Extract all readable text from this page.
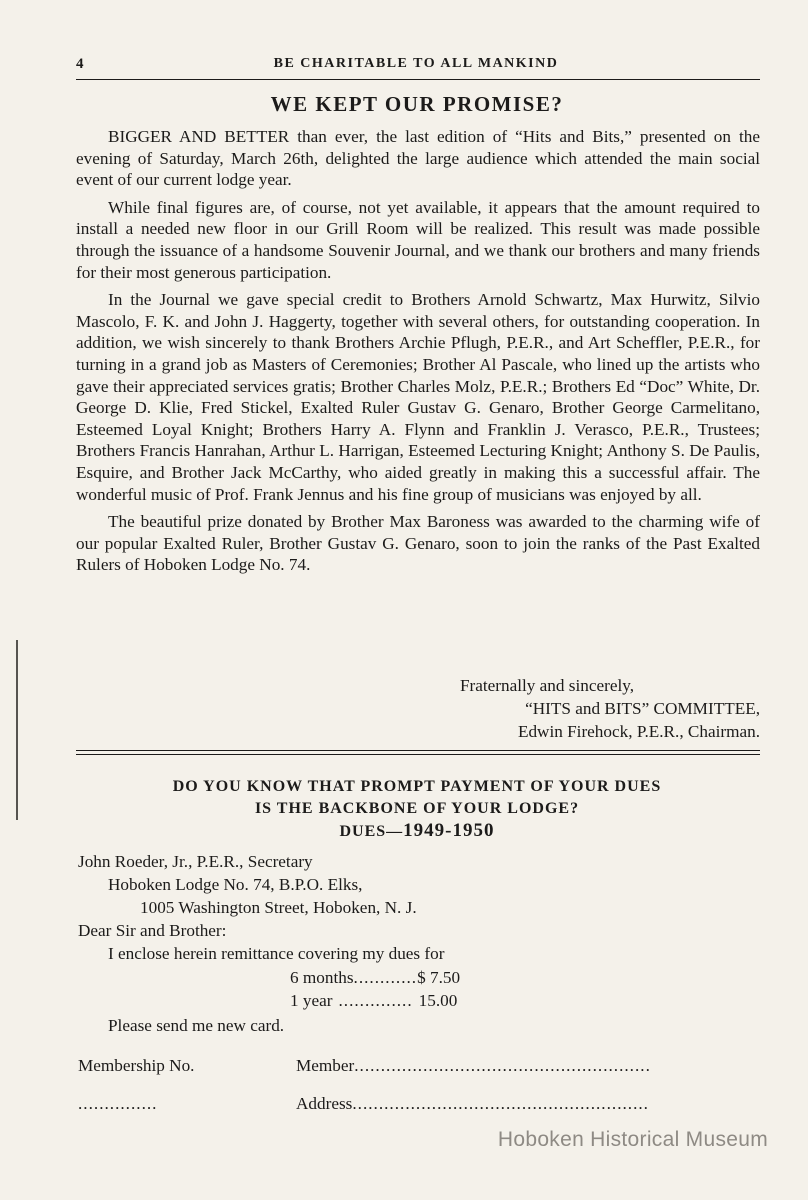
4	BE CHARITABLE TO ALL MANKIND
WE KEPT OUR PROMISE?

BIGGER AND BETTER than ever, the last edition of “Hits and Bits,” presented on the evening of Saturday, March 26th, delighted the large audience which attended the main social event of our current lodge year.

While final figures are, of course, not yet available, it appears that the amount required to install a needed new floor in our Grill Room will be realized. This result was made possible through the issuance of a handsome Souvenir Journal, and we thank our brothers and many friends for their most generous participation.

In the Journal we gave special credit to Brothers Arnold Schwartz, Max Hurwitz, Silvio Mascolo, F. K. and John J. Haggerty, together with several others, for outstanding cooperation. In addition, we wish sincerely to thank Brothers Archie Pflugh, P.E.R., and Art Scheffler, P.E.R., for turning in a grand job as Masters of Ceremonies; Brother Al Pascale, who lined up the artists who gave their appreciated services gratis; Brother Charles Molz, P.E.R.; Brothers Ed “Doc” White, Dr. George D. Klie, Fred Stickel, Exalted Ruler Gustav G. Genaro, Brother George Carmelitano, Esteemed Loyal Knight; Brothers Harry A. Flynn and Franklin J. Verasco, P.E.R., Trustees; Brothers Francis Hanrahan, Arthur L. Harrigan, Esteemed Lecturing Knight; Anthony S. De Paulis, Esquire, and Brother Jack McCarthy, who aided greatly in making this a successful affair. The wonderful music of Prof. Frank Jennus and his fine group of musicians was enjoyed by all.

The beautiful prize donated by Brother Max Baroness was awarded to the charming wife of our popular Exalted Ruler, Brother Gustav G. Genaro, soon to join the ranks of the Past Exalted Rulers of Hoboken Lodge No. 74.

Fraternally and sincerely,
“HITS and BITS” COMMITTEE,
Edwin Firehock, P.E.R., Chairman.
DO YOU KNOW THAT PROMPT PAYMENT OF YOUR DUES
IS THE BACKBONE OF YOUR LODGE?
DUES—1949-1950
John Roeder, Jr., P.E.R., Secretary
Hoboken Lodge No. 74, B.P.O. Elks,
1005 Washington Street, Hoboken, N. J.
Dear Sir and Brother:
I enclose herein remittance covering my dues for
6 months............$ 7.50
1 year .............. 15.00
Please send me new card.
Membership No.	Member........................................................
...............	Address........................................................
Hoboken Historical Museum
